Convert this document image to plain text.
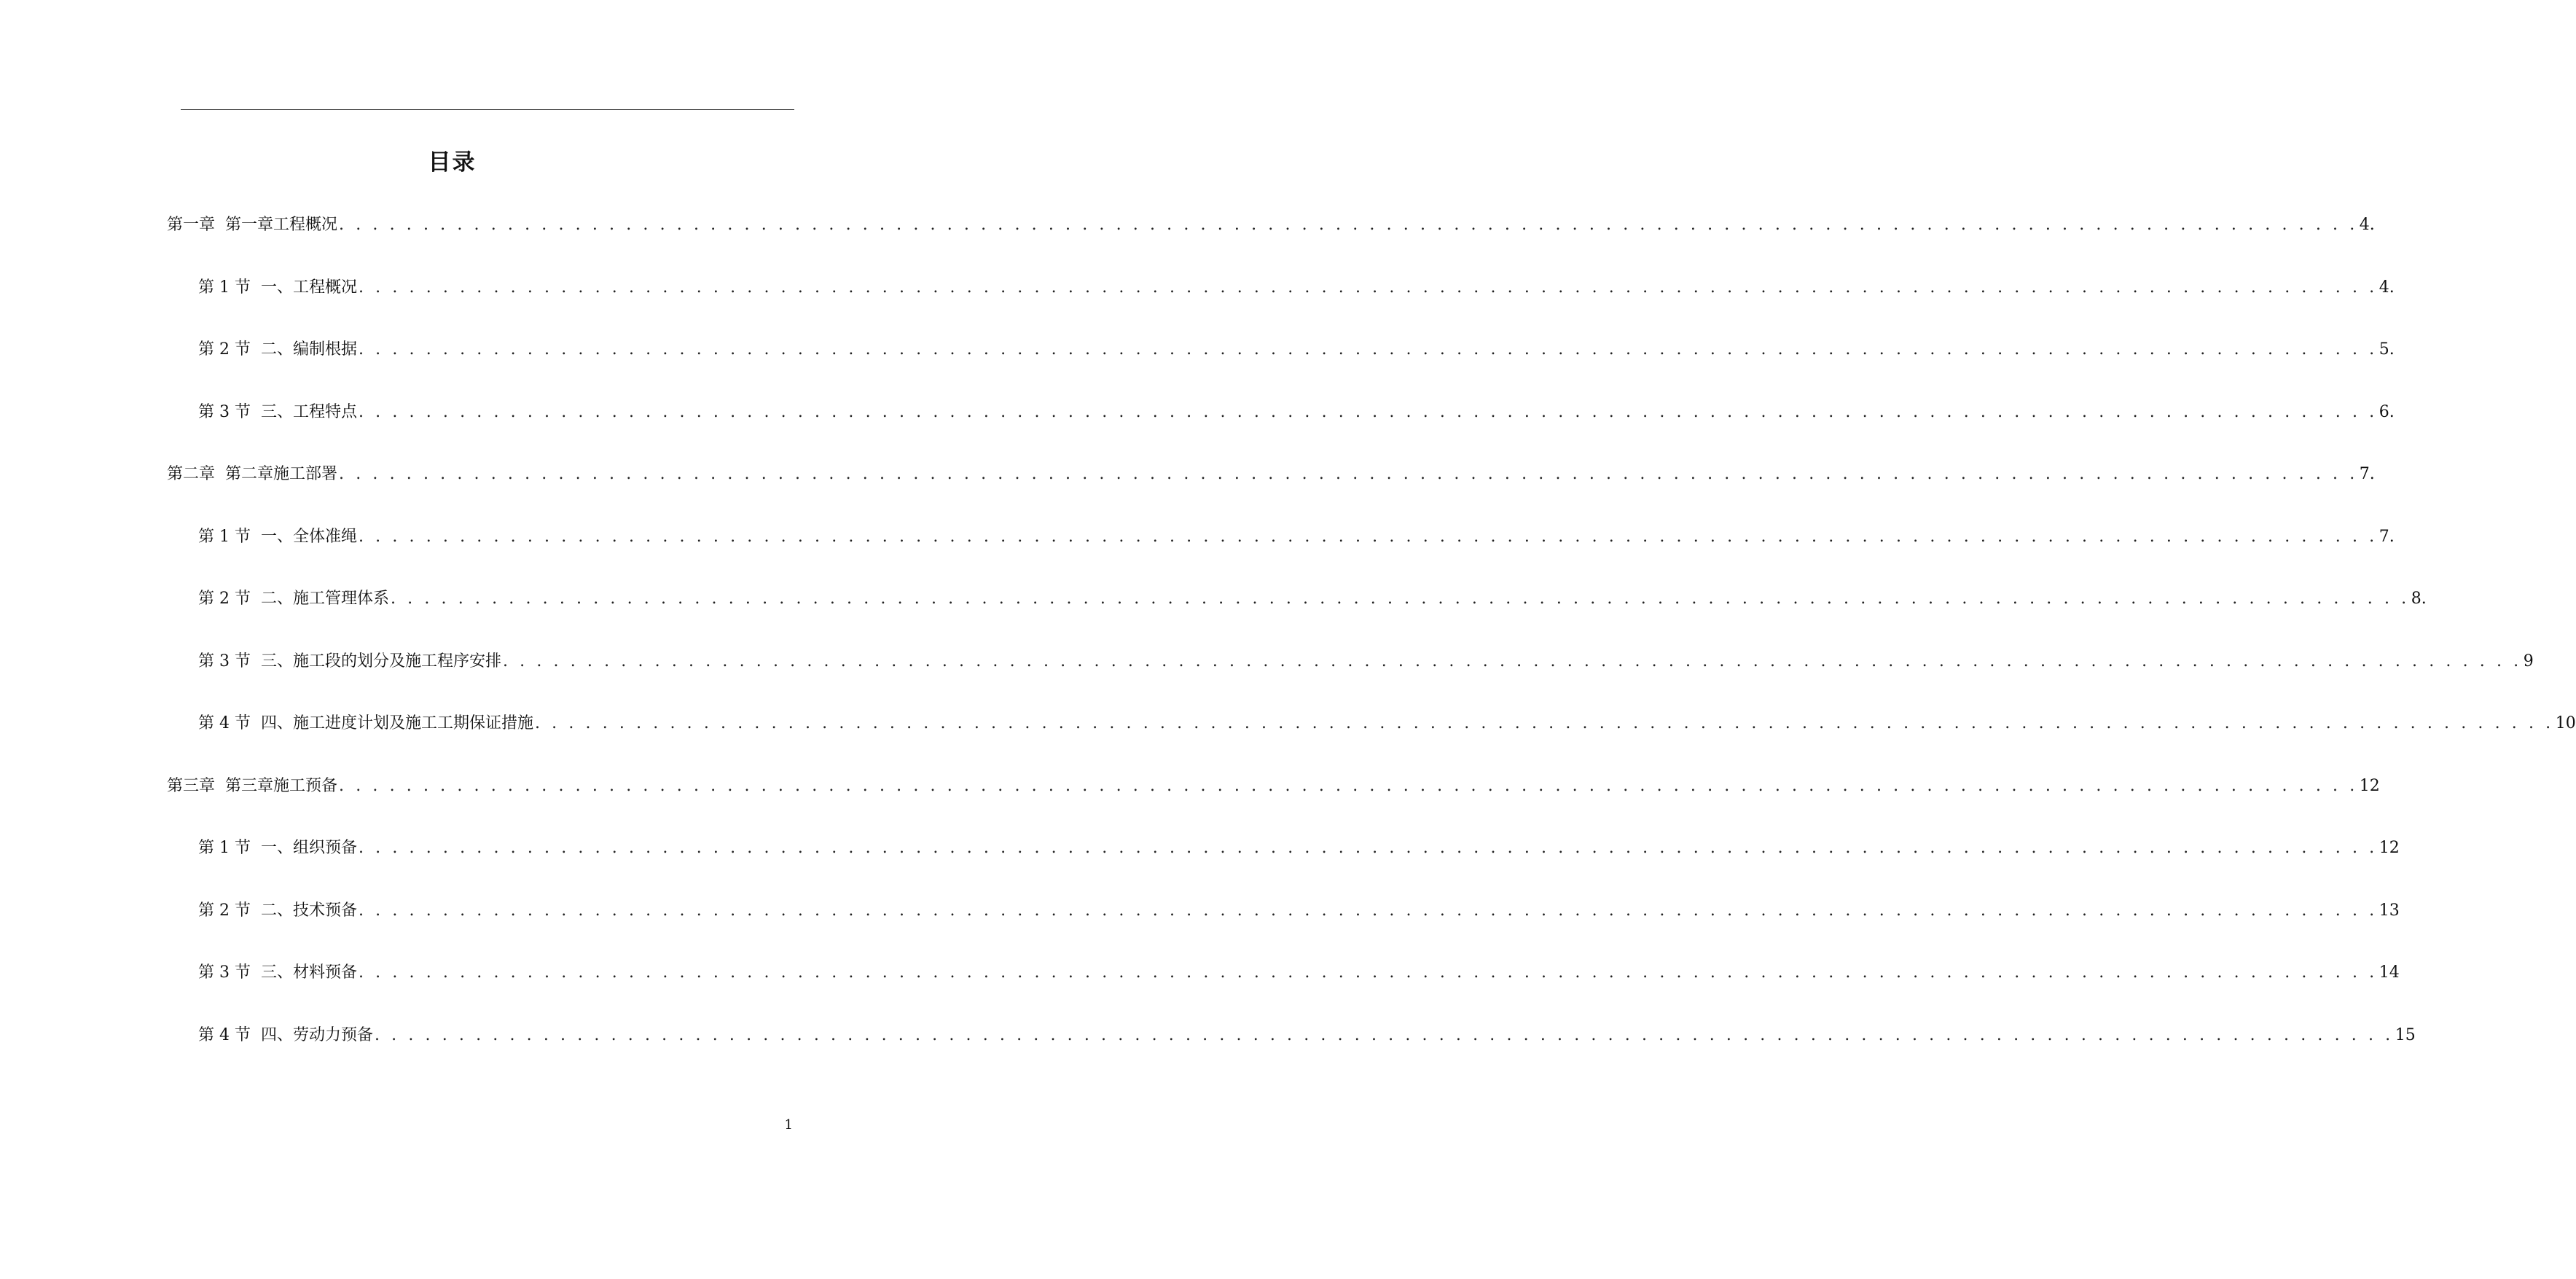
目录
第一章 第一章工程概况 . . . . . . . . . . . . . . . . . . . . . . . . . . . . . . . . . . . . . . . . . . . . . . . . . . . . . . . . . . . . . . . . . . . . . . . . . . . . . . . . . . . . . . . . . . . . . . . . . . . . . . . . . . . . . . . . . . . . . . . . 4.
第 1 节 一、工程概况 . . . . . . . . . . . . . . . . . . . . . . . . . . . . . . . . . . . . . . . . . . . . . . . . . . . . . . . . . . . . . . . . . . . . . . . . . . . . . . . . . . . . . . . . . . . . . . . . . . . . . . . . . . . . . . . . . . . . . . . . 4.
第 2 节 二、编制根据 . . . . . . . . . . . . . . . . . . . . . . . . . . . . . . . . . . . . . . . . . . . . . . . . . . . . . . . . . . . . . . . . . . . . . . . . . . . . . . . . . . . . . . . . . . . . . . . . . . . . . . . . . . . . . . . . . . . . . . . . 5.
第 3 节 三、工程特点 . . . . . . . . . . . . . . . . . . . . . . . . . . . . . . . . . . . . . . . . . . . . . . . . . . . . . . . . . . . . . . . . . . . . . . . . . . . . . . . . . . . . . . . . . . . . . . . . . . . . . . . . . . . . . . . . . . . . . . . . 6.
第二章 第二章施工部署 . . . . . . . . . . . . . . . . . . . . . . . . . . . . . . . . . . . . . . . . . . . . . . . . . . . . . . . . . . . . . . . . . . . . . . . . . . . . . . . . . . . . . . . . . . . . . . . . . . . . . . . . . . . . . . . . . . . . . . . . 7.
第 1 节 一、全体准绳 . . . . . . . . . . . . . . . . . . . . . . . . . . . . . . . . . . . . . . . . . . . . . . . . . . . . . . . . . . . . . . . . . . . . . . . . . . . . . . . . . . . . . . . . . . . . . . . . . . . . . . . . . . . . . . . . . . . . . . . . 7.
第 2 节 二、施工管理体系 . . . . . . . . . . . . . . . . . . . . . . . . . . . . . . . . . . . . . . . . . . . . . . . . . . . . . . . . . . . . . . . . . . . . . . . . . . . . . . . . . . . . . . . . . . . . . . . . . . . . . . . . . . . . . . . . . . . . . . . . 8.
第 3 节 三、施工段的划分及施工程序安排 . . . . . . . . . . . . . . . . . . . . . . . . . . . . . . . . . . . . . . . . . . . . . . . . . . . . . . . . . . . . . . . . . . . . . . . . . . . . . . . . . . . . . . . . . . . . . . . . . . . . . . . . . . . . . . . . . . . . . . . . 9
第 4 节 四、施工进度计划及施工工期保证措施 . . . . . . . . . . . . . . . . . . . . . . . . . . . . . . . . . . . . . . . . . . . . . . . . . . . . . . . . . . . . . . . . . . . . . . . . . . . . . . . . . . . . . . . . . . . . . . . . . . . . . . . . . . . . . . . . . . . . . . . . 10
第三章 第三章施工预备 . . . . . . . . . . . . . . . . . . . . . . . . . . . . . . . . . . . . . . . . . . . . . . . . . . . . . . . . . . . . . . . . . . . . . . . . . . . . . . . . . . . . . . . . . . . . . . . . . . . . . . . . . . . . . . . . . . . . . . . . 12
第 1 节 一、组织预备 . . . . . . . . . . . . . . . . . . . . . . . . . . . . . . . . . . . . . . . . . . . . . . . . . . . . . . . . . . . . . . . . . . . . . . . . . . . . . . . . . . . . . . . . . . . . . . . . . . . . . . . . . . . . . . . . . . . . . . . . 12
第 2 节 二、技术预备 . . . . . . . . . . . . . . . . . . . . . . . . . . . . . . . . . . . . . . . . . . . . . . . . . . . . . . . . . . . . . . . . . . . . . . . . . . . . . . . . . . . . . . . . . . . . . . . . . . . . . . . . . . . . . . . . . . . . . . . . 13
第 3 节 三、材料预备 . . . . . . . . . . . . . . . . . . . . . . . . . . . . . . . . . . . . . . . . . . . . . . . . . . . . . . . . . . . . . . . . . . . . . . . . . . . . . . . . . . . . . . . . . . . . . . . . . . . . . . . . . . . . . . . . . . . . . . . . 14
第 4 节 四、劳动力预备 . . . . . . . . . . . . . . . . . . . . . . . . . . . . . . . . . . . . . . . . . . . . . . . . . . . . . . . . . . . . . . . . . . . . . . . . . . . . . . . . . . . . . . . . . . . . . . . . . . . . . . . . . . . . . . . . . . . . . . . . 15
1
